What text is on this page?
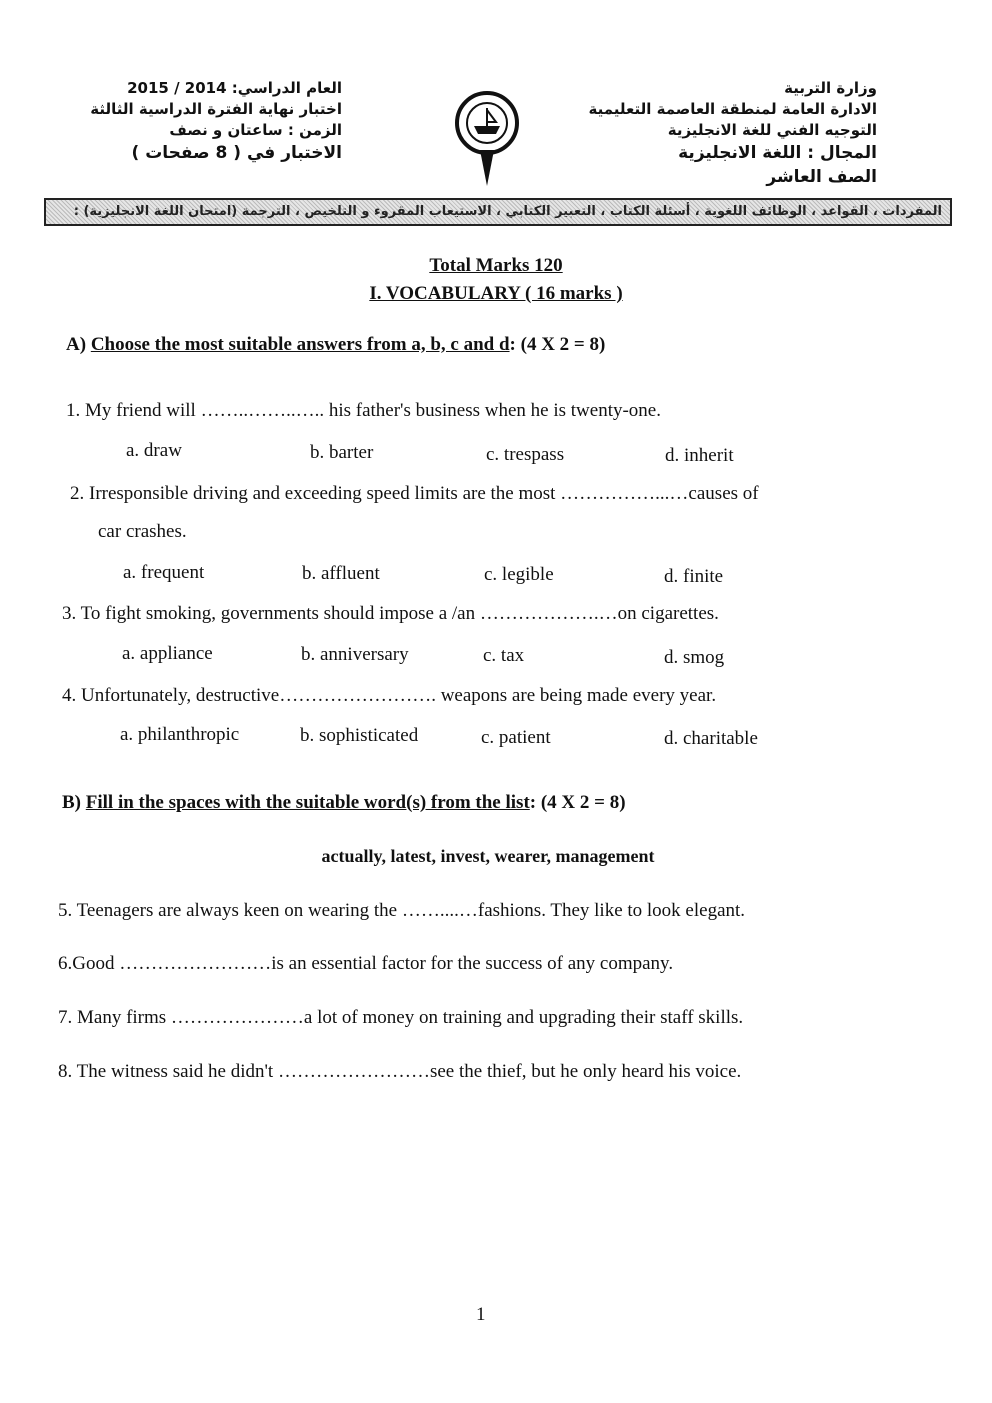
وزارة التربية
الادارة العامة لمنطقة العاصمة التعليمية
التوجيه الفني للغة الانجليزية
المجال : اللغة الانجليزية
الصف العاشر
العام الدراسي: 2014 / 2015
اختبار نهاية الفترة الدراسية الثالثة
الزمن : ساعتان و نصف
الاختبار في ( 8 صفحات )
المفردات ، القواعد ، الوظائف اللغوية ، أسئلة الكتاب ، التعبير الكتابي ، الاستيعاب المقروء و التلخيص ، الترجمة (امتحان اللغة الانجليزية) :
Total Marks 120
I. VOCABULARY ( 16 marks )
A) Choose the most suitable answers from a, b, c and d: (4 X 2 = 8)
1. My friend will ……..……..….. his father's business when he is twenty-one.
a. draw	b. barter	c. trespass	d. inherit
2. Irresponsible driving and exceeding speed limits are the most ……………...…causes of
car crashes.
a. frequent	b. affluent	c. legible	d. finite
3. To fight smoking, governments should impose a /an ……………….…on cigarettes.
a. appliance	b. anniversary	c. tax	d. smog
4. Unfortunately, destructive……………………. weapons are being made every year.
a. philanthropic	b. sophisticated	c. patient	d. charitable
B) Fill in the spaces with the suitable word(s) from the list: (4 X 2 = 8)
actually, latest, invest, wearer, management
5. Teenagers are always keen on wearing the ……....…fashions. They like to look elegant.
6.Good ……………………is an essential factor for the success of any company.
7. Many firms …………………a lot of money on training and upgrading their staff skills.
8. The witness said he didn't ……………………see the thief, but he only heard his voice.
1
